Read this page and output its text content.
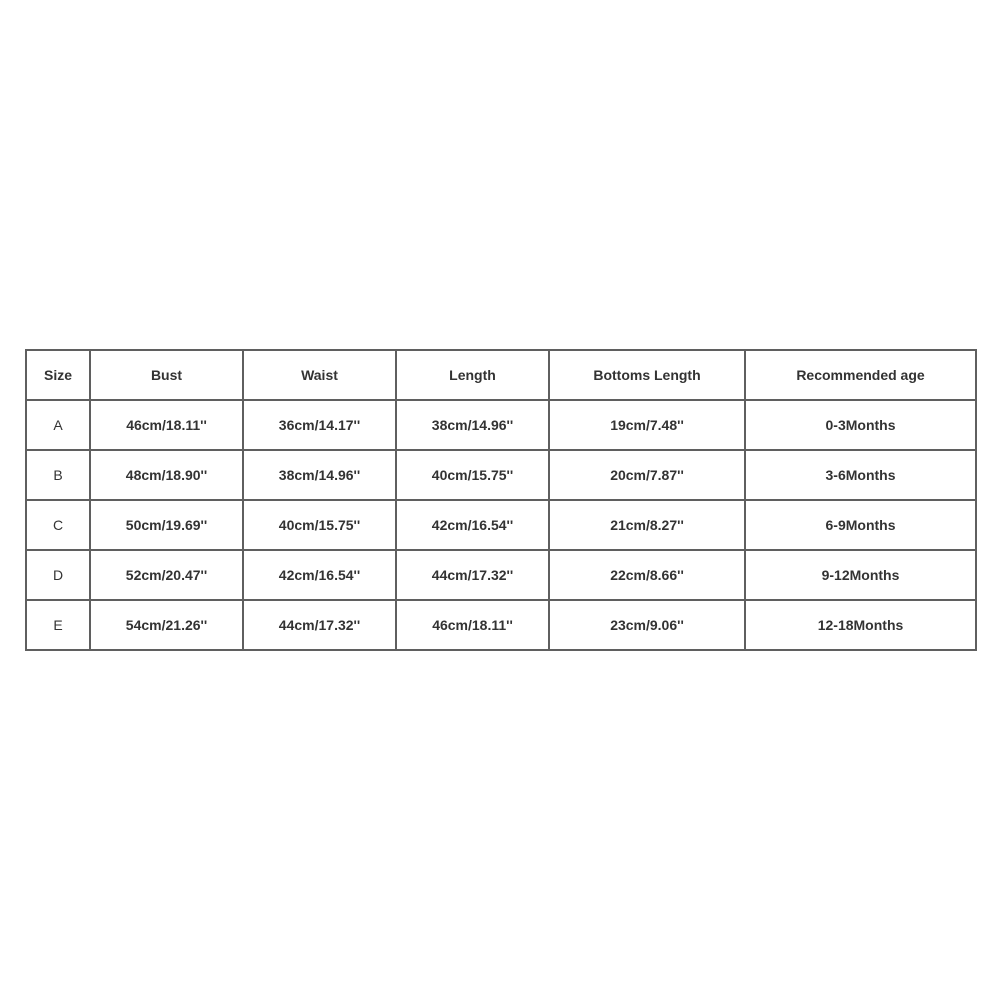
Size	Bust	Waist	Length	Bottoms Length	Recommended age
A	46cm/18.11''	36cm/14.17''	38cm/14.96''	19cm/7.48''	0-3Months
B	48cm/18.90''	38cm/14.96''	40cm/15.75''	20cm/7.87''	3-6Months
C	50cm/19.69''	40cm/15.75''	42cm/16.54''	21cm/8.27''	6-9Months
D	52cm/20.47''	42cm/16.54''	44cm/17.32''	22cm/8.66''	9-12Months
E	54cm/21.26''	44cm/17.32''	46cm/18.11''	23cm/9.06''	12-18Months
